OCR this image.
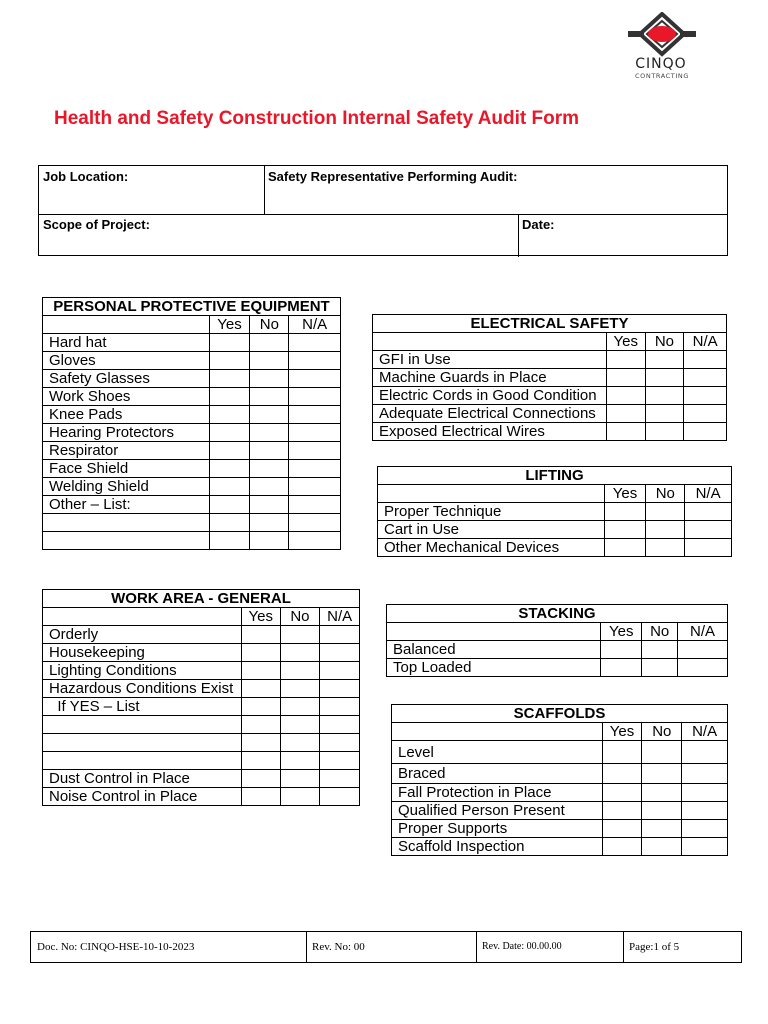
CINQO
CONTRACTING
Health and Safety Construction Internal Safety Audit Form
Job Location:	Safety Representative Performing Audit:
Scope of Project:	Date:
PERSONAL PROTECTIVE EQUIPMENT			
	Yes	No	N/A
Hard hat			
Gloves			
Safety Glasses			
Work Shoes			
Knee Pads			
Hearing Protectors			
Respirator			
Face Shield			
Welding Shield			
Other – List:			

ELECTRICAL SAFETY			
	Yes	No	N/A
GFI in Use			
Machine Guards in Place			
Electric Cords in Good Condition			
Adequate Electrical Connections			
Exposed Electrical Wires			
LIFTING			
	Yes	No	N/A
Proper Technique			
Cart in Use			
Other Mechanical Devices			
WORK AREA - GENERAL			
	Yes	No	N/A
Orderly			
Housekeeping			
Lighting Conditions			
Hazardous Conditions Exist			
If YES – List			

Dust Control in Place			
Noise Control in Place			
STACKING			
	Yes	No	N/A
Balanced			
Top Loaded			
SCAFFOLDS			
	Yes	No	N/A
Level			
Braced			
Fall Protection in Place			
Qualified Person Present			
Proper Supports			
Scaffold Inspection			
Doc. No: CINQO-HSE-10-10-2023	Rev. No: 00	Rev. Date: 00.00.00	Page:1 of 5
